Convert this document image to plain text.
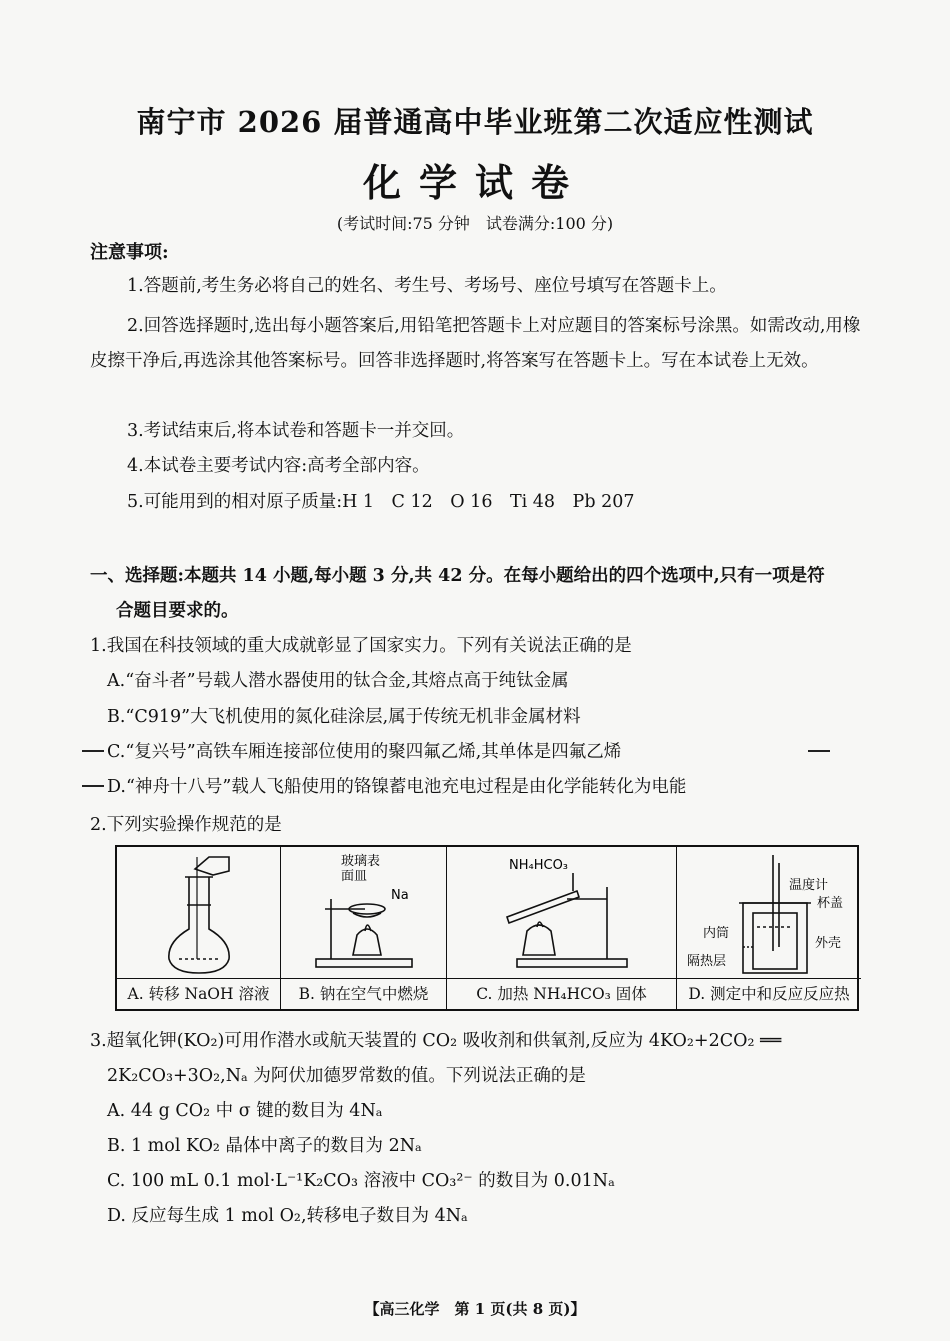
南宁市 2026 届普通高中毕业班第二次适应性测试
化学试卷
(考试时间:75 分钟　试卷满分:100 分)
注意事项:
1.答题前,考生务必将自己的姓名、考生号、考场号、座位号填写在答题卡上。
2.回答选择题时,选出每小题答案后,用铅笔把答题卡上对应题目的答案标号涂黑。如需改动,用橡皮擦干净后,再选涂其他答案标号。回答非选择题时,将答案写在答题卡上。写在本试卷上无效。
3.考试结束后,将本试卷和答题卡一并交回。
4.本试卷主要考试内容:高考全部内容。
5.可能用到的相对原子质量:H 1　C 12　O 16　Ti 48　Pb 207
一、选择题:本题共 14 小题,每小题 3 分,共 42 分。在每小题给出的四个选项中,只有一项是符
合题目要求的。
1.我国在科技领域的重大成就彰显了国家实力。下列有关说法正确的是
A.“奋斗者”号载人潜水器使用的钛合金,其熔点高于纯钛金属
B.“C919”大飞机使用的氮化硅涂层,属于传统无机非金属材料
C.“复兴号”高铁车厢连接部位使用的聚四氟乙烯,其单体是四氟乙烯
D.“神舟十八号”载人飞船使用的铬镍蓄电池充电过程是由化学能转化为电能
2.下列实验操作规范的是
A. 转移 NaOH 溶液
玻璃表
面皿
Na
B. 钠在空气中燃烧
NH₄HCO₃
C. 加热 NH₄HCO₃ 固体
温度计
杯盖
内筒
外壳
隔热层
D. 测定中和反应反应热
3.超氧化钾(KO₂)可用作潜水或航天装置的 CO₂ 吸收剂和供氧剂,反应为 4KO₂+2CO₂ ══
2K₂CO₃+3O₂,Nₐ 为阿伏加德罗常数的值。下列说法正确的是
A. 44 g CO₂ 中 σ 键的数目为 4Nₐ
B. 1 mol KO₂ 晶体中离子的数目为 2Nₐ
C. 100 mL 0.1 mol·L⁻¹K₂CO₃ 溶液中 CO₃²⁻ 的数目为 0.01Nₐ
D. 反应每生成 1 mol O₂,转移电子数目为 4Nₐ
【高三化学　第 1 页(共 8 页)】
